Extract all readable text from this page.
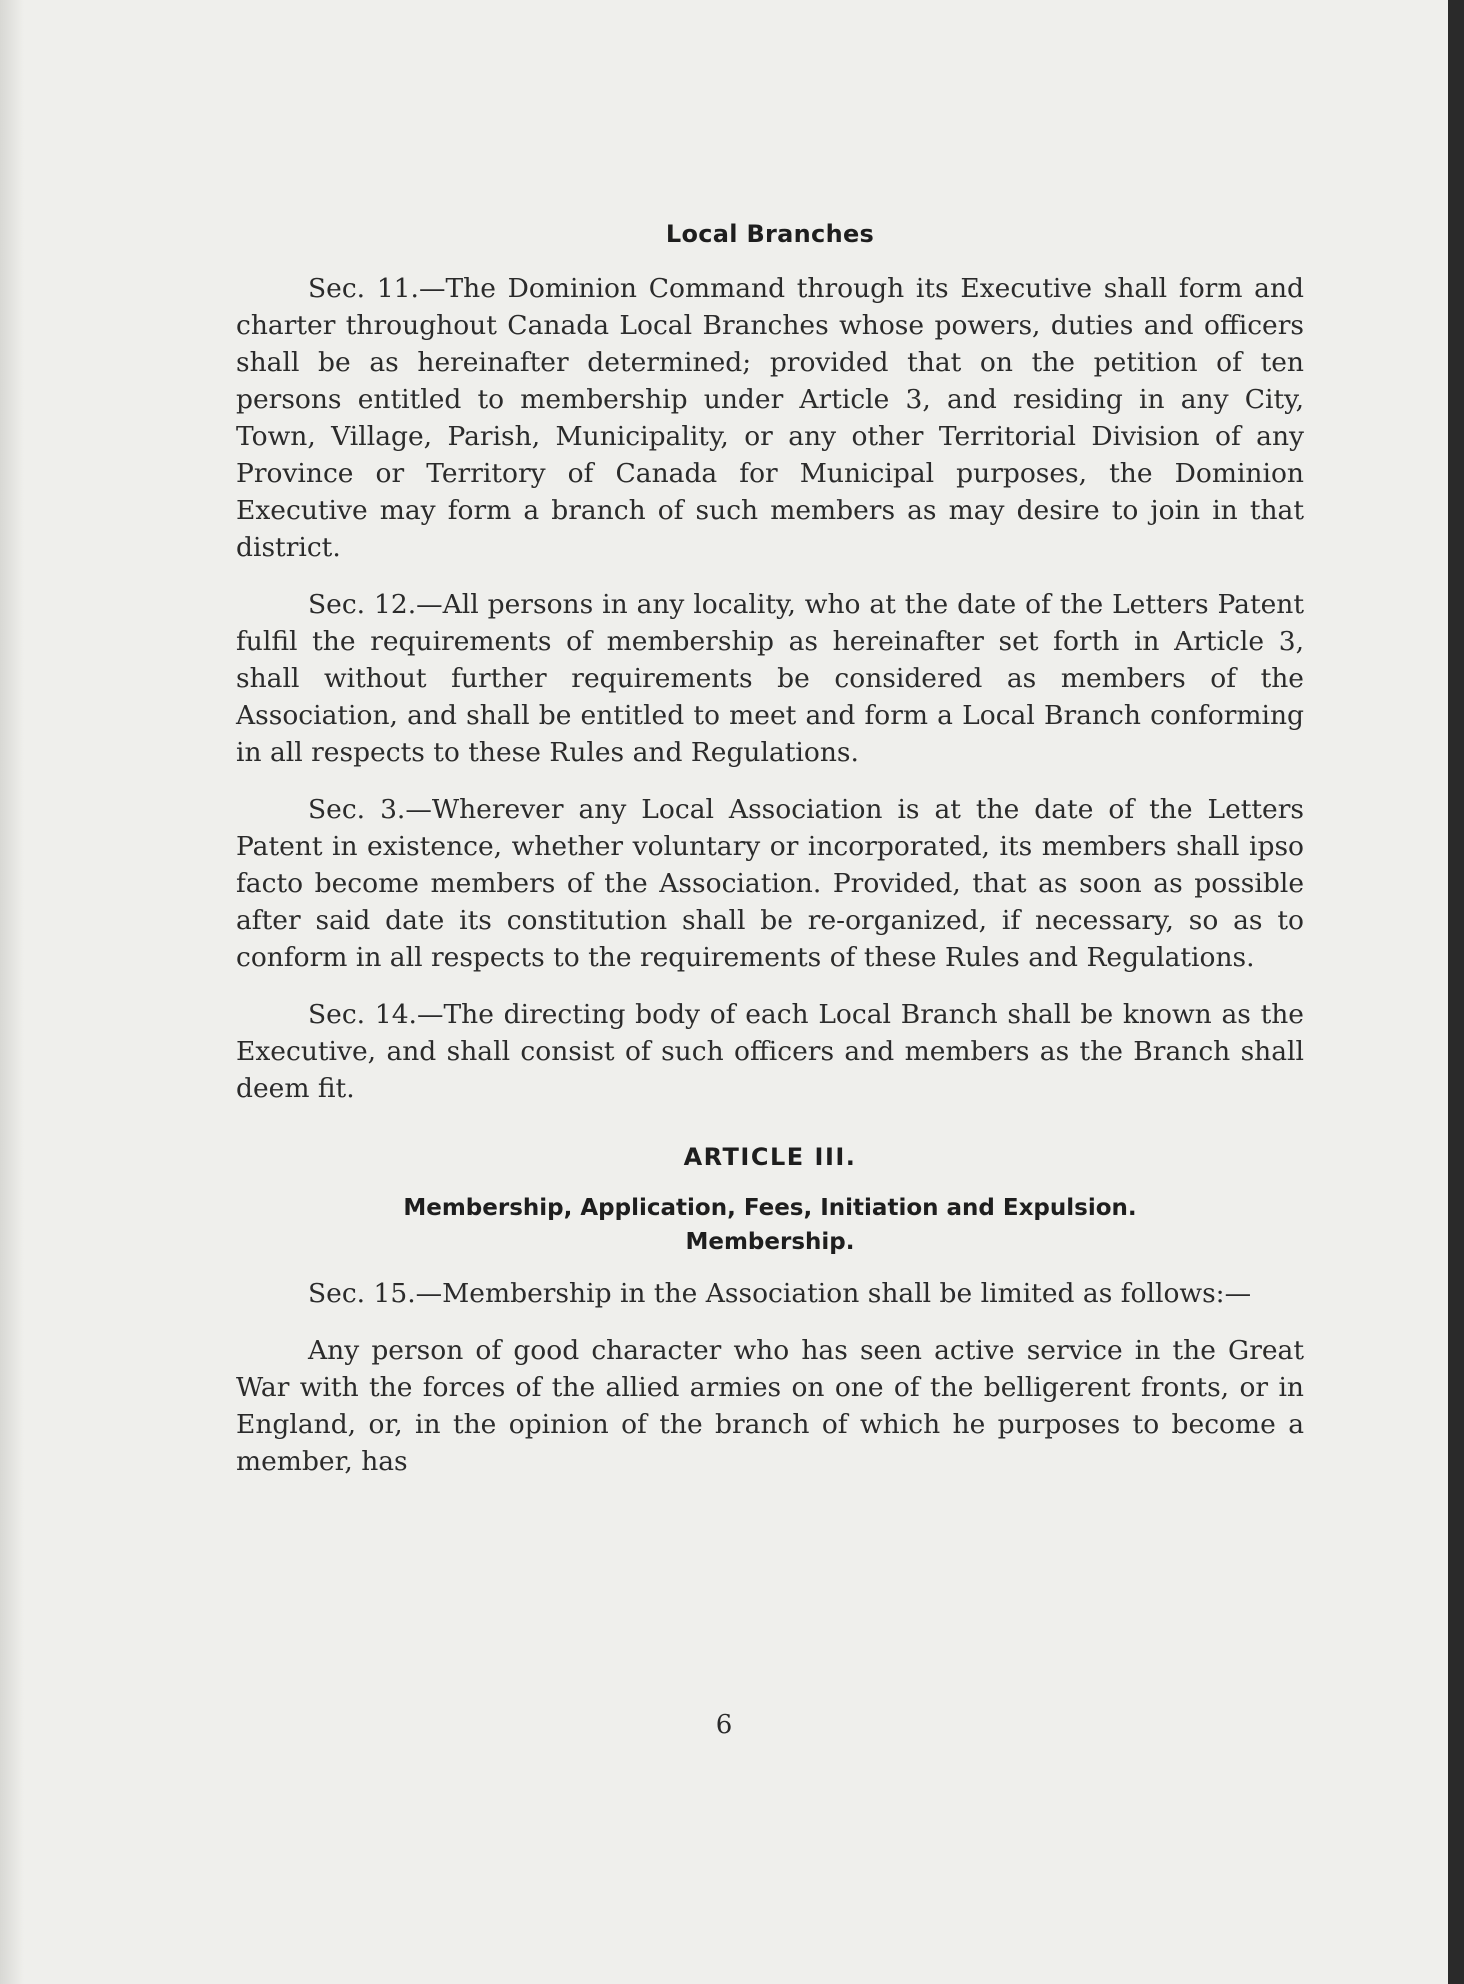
Local Branches

Sec. 11.—The Dominion Command through its Executive shall form and charter throughout Canada Local Branches whose powers, duties and officers shall be as hereinafter determined; provided that on the petition of ten persons entitled to membership under Article 3, and residing in any City, Town, Village, Parish, Municipality, or any other Territorial Division of any Province or Territory of Canada for Municipal purposes, the Dominion Executive may form a branch of such members as may desire to join in that district.

Sec. 12.—All persons in any locality, who at the date of the Letters Patent fulfil the requirements of membership as hereinafter set forth in Article 3, shall without further requirements be considered as members of the Association, and shall be entitled to meet and form a Local Branch conforming in all respects to these Rules and Regulations.

Sec. 3.—Wherever any Local Association is at the date of the Letters Patent in existence, whether voluntary or incorporated, its members shall ipso facto become members of the Association. Provided, that as soon as possible after said date its constitution shall be re-organized, if necessary, so as to conform in all respects to the requirements of these Rules and Regulations.

Sec. 14.—The directing body of each Local Branch shall be known as the Executive, and shall consist of such officers and members as the Branch shall deem fit.

ARTICLE III.
Membership, Application, Fees, Initiation and Expulsion.
Membership.

Sec. 15.—Membership in the Association shall be limited as follows:—

Any person of good character who has seen active service in the Great War with the forces of the allied armies on one of the belligerent fronts, or in England, or, in the opinion of the branch of which he purposes to become a member, has

6
